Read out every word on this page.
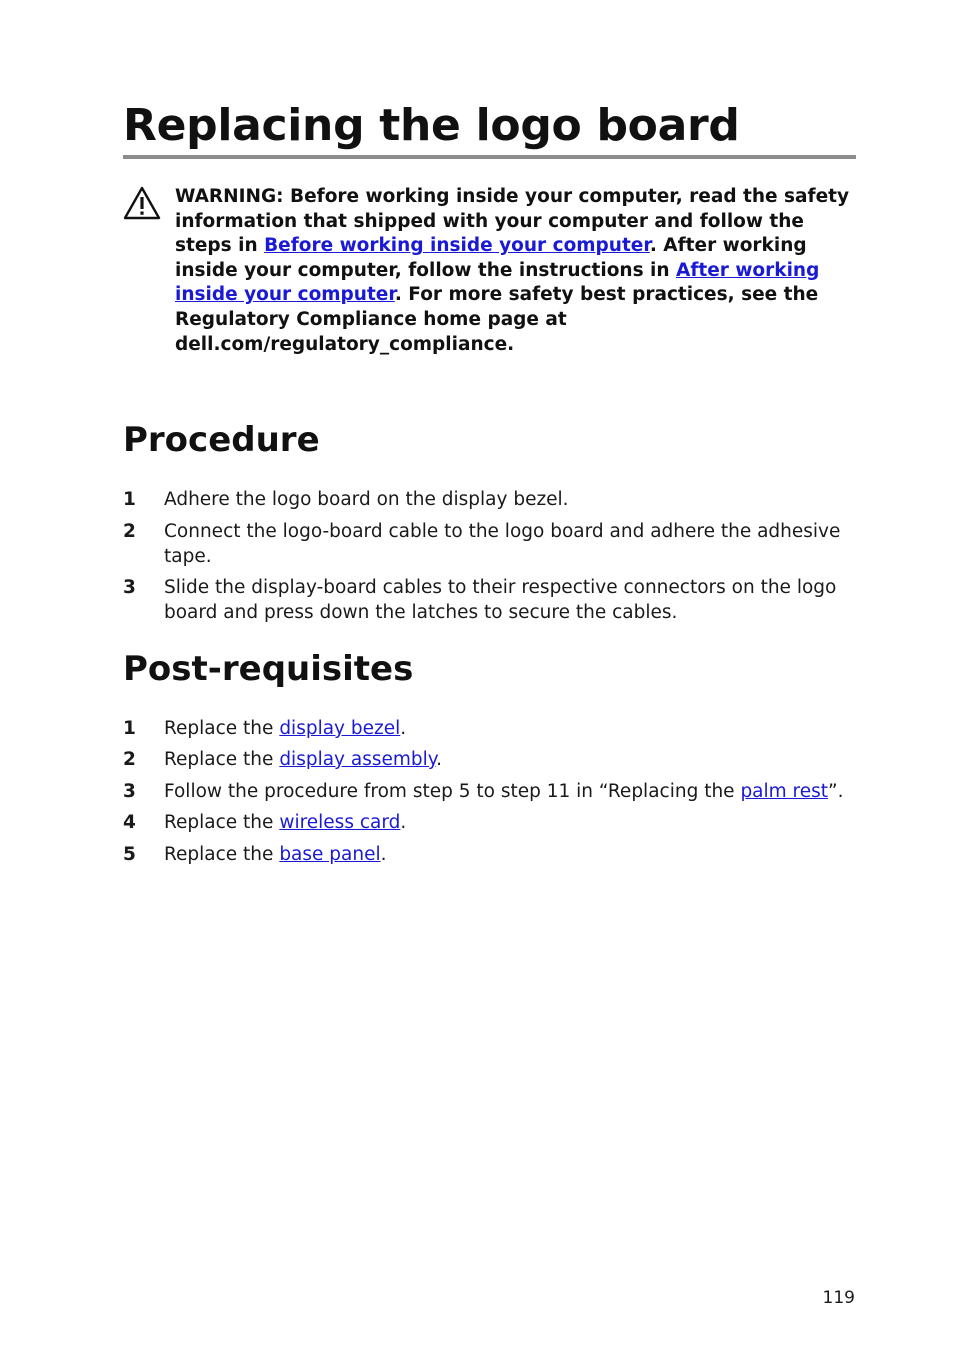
Replacing the logo board
WARNING: Before working inside your computer, read the safety information that shipped with your computer and follow the steps in Before working inside your computer. After working inside your computer, follow the instructions in After working inside your computer. For more safety best practices, see the Regulatory Compliance home page at dell.com/regulatory_compliance.
Procedure
1 Adhere the logo board on the display bezel.
2 Connect the logo-board cable to the logo board and adhere the adhesive tape.
3 Slide the display-board cables to their respective connectors on the logo board and press down the latches to secure the cables.
Post-requisites
1 Replace the display bezel.
2 Replace the display assembly.
3 Follow the procedure from step 5 to step 11 in “Replacing the palm rest”.
4 Replace the wireless card.
5 Replace the base panel.
119
